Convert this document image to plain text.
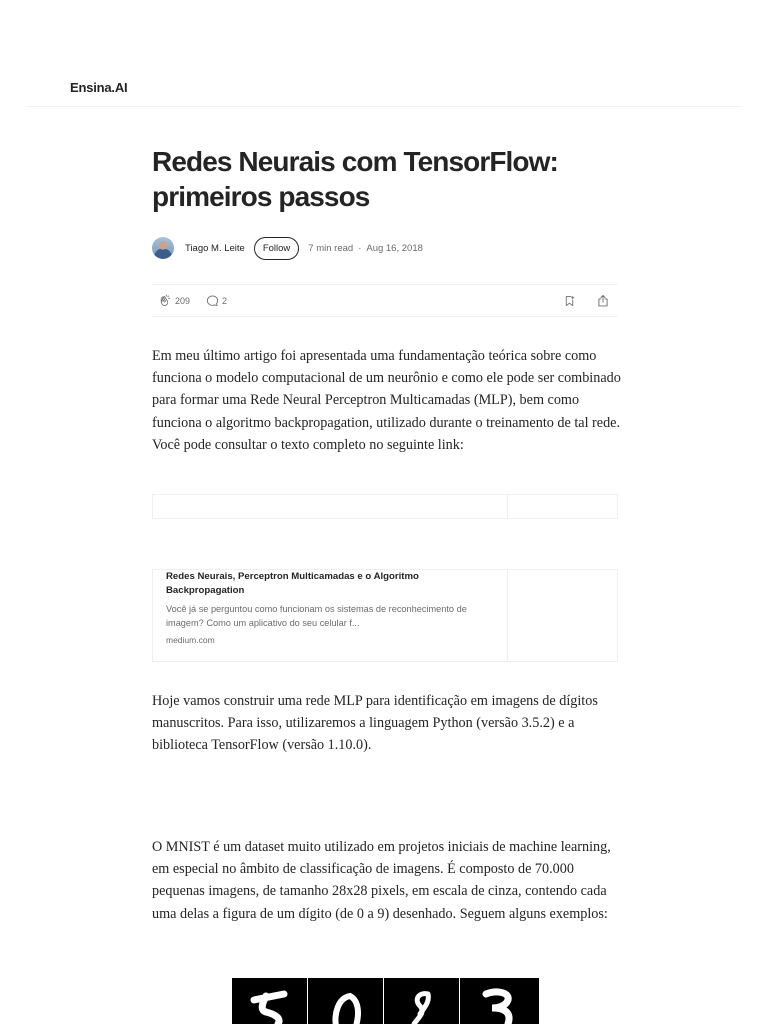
Ensina.AI
Redes Neurais com TensorFlow: primeiros passos
Tiago M. Leite	Follow	7 min read · Aug 16, 2018
209	2

Em meu último artigo foi apresentada uma fundamentação teórica sobre como funciona o modelo computacional de um neurônio e como ele pode ser combinado para formar uma Rede Neural Perceptron Multicamadas (MLP), bem como funciona o algoritmo backpropagation, utilizado durante o treinamento de tal rede. Você pode consultar o texto completo no seguinte link:

Redes Neurais, Perceptron Multicamadas e o Algoritmo Backpropagation
Você já se perguntou como funcionam os sistemas de reconhecimento de imagem? Como um aplicativo do seu celular f...
medium.com

Hoje vamos construir uma rede MLP para identificação em imagens de dígitos manuscritos. Para isso, utilizaremos a linguagem Python (versão 3.5.2) e a biblioteca TensorFlow (versão 1.10.0).

O MNIST é um dataset muito utilizado em projetos iniciais de machine learning, em especial no âmbito de classificação de imagens. É composto de 70.000 pequenas imagens, de tamanho 28x28 pixels, em escala de cinza, contendo cada uma delas a figura de um dígito (de 0 a 9) desenhado. Seguem alguns exemplos:
